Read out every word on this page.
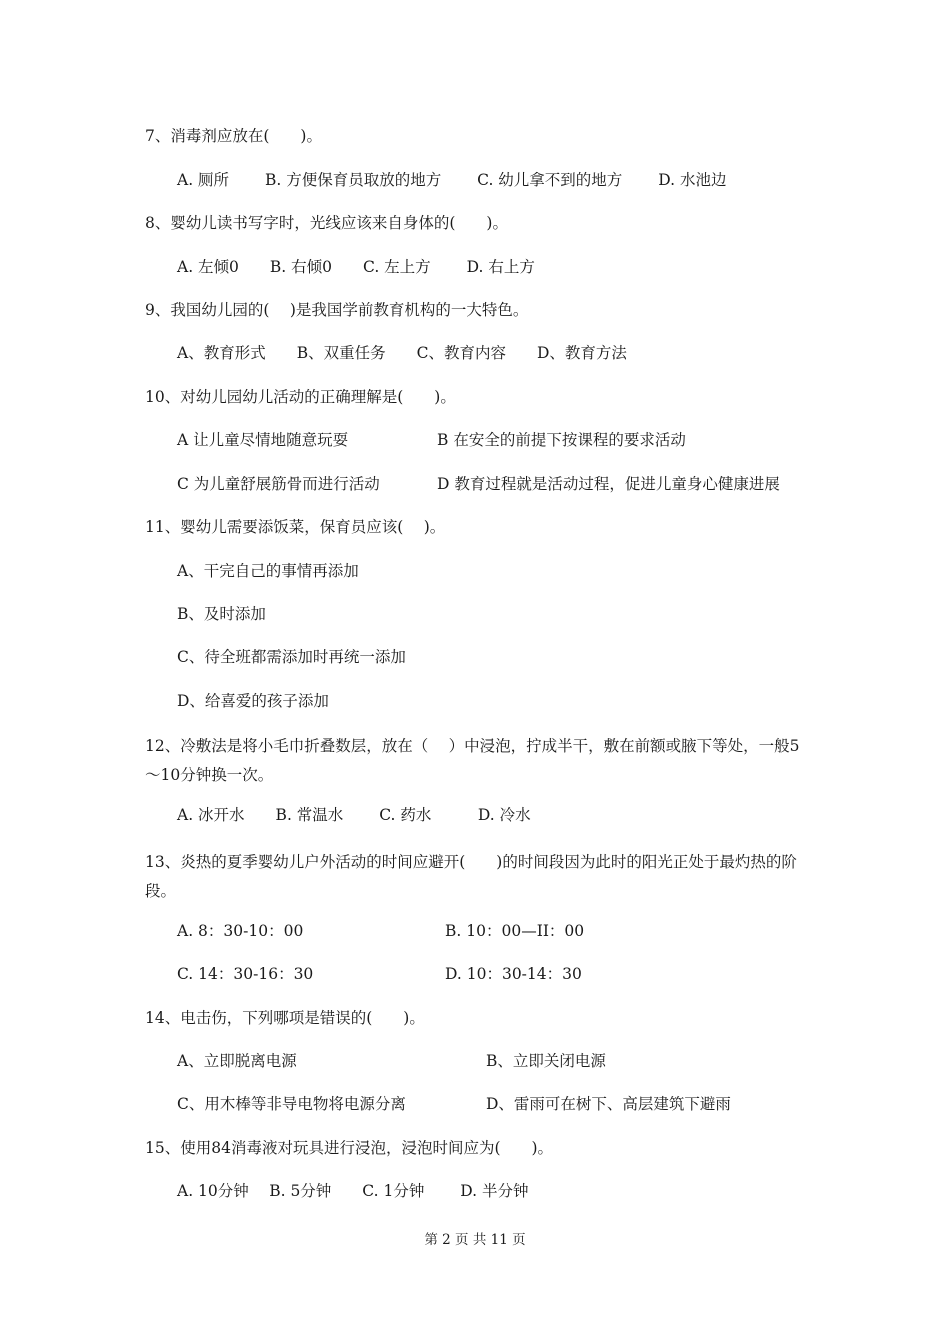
7、消毒剂应放在(　　)。
A. 厕所　　 B. 方便保育员取放的地方　　 C. 幼儿拿不到的地方　　 D. 水池边
8、婴幼儿读书写字时，光线应该来自身体的(　　)。
A. 左倾0　　B. 右倾0　　C. 左上方　　 D. 右上方
9、我国幼儿园的(　 )是我国学前教育机构的一大特色。
A、教育形式　　B、双重任务　　C、教育内容　　D、教育方法
10、对幼儿园幼儿活动的正确理解是(　　)。
A 让儿童尽情地随意玩耍	B 在安全的前提下按课程的要求活动
C 为儿童舒展筋骨而进行活动	D 教育过程就是活动过程，促进儿童身心健康进展
11、婴幼儿需要添饭菜，保育员应该(　 )。
A、干完自己的事情再添加
B、及时添加
C、待全班都需添加时再统一添加
D、给喜爱的孩子添加
12、冷敷法是将小毛巾折叠数层，放在（　 ）中浸泡，拧成半干，敷在前额或腋下等处，一般5～10分钟换一次。
A. 冰开水　　B. 常温水　　 C. 药水　　　D. 冷水
13、炎热的夏季婴幼儿户外活动的时间应避开(　　)的时间段因为此时的阳光正处于最灼热的阶段。
A. 8：30-10：00	B. 10：00—II：00
C. 14：30-16：30	D. 10：30-14：30
14、电击伤，下列哪项是错误的(　　)。
A、立即脱离电源	B、立即关闭电源
C、用木棒等非导电物将电源分离	D、雷雨可在树下、高层建筑下避雨
15、使用84消毒液对玩具进行浸泡，浸泡时间应为(　　)。
A. 10分钟　 B. 5分钟　　C. 1分钟　　 D. 半分钟
第 2 页 共 11 页
